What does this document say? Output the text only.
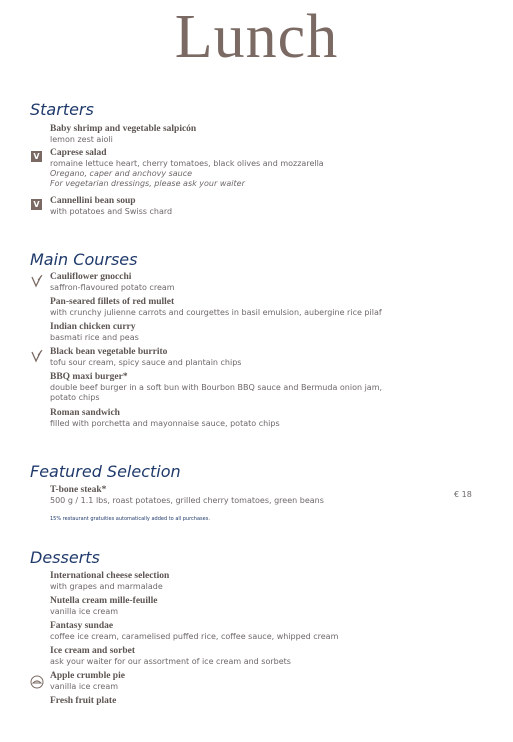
Lunch
Starters
Baby shrimp and vegetable salpicón
lemon zest aioli
V Caprese salad
romaine lettuce heart, cherry tomatoes, black olives and mozzarella
Oregano, caper and anchovy sauce
For vegetarian dressings, please ask your waiter
V Cannellini bean soup
with potatoes and Swiss chard
Main Courses
Cauliflower gnocchi
saffron-flavoured potato cream
Pan-seared fillets of red mullet
with crunchy julienne carrots and courgettes in basil emulsion, aubergine rice pilaf
Indian chicken curry
basmati rice and peas
Black bean vegetable burrito
tofu sour cream, spicy sauce and plantain chips
BBQ maxi burger*
double beef burger in a soft bun with Bourbon BBQ sauce and Bermuda onion jam,
potato chips
Roman sandwich
filled with porchetta and mayonnaise sauce, potato chips
Featured Selection
T-bone steak*
500 g / 1.1 lbs, roast potatoes, grilled cherry tomatoes, green beans
€ 18
15% restaurant gratuities automatically added to all purchases.
Desserts
International cheese selection
with grapes and marmalade
Nutella cream mille-feuille
vanilla ice cream
Fantasy sundae
coffee ice cream, caramelised puffed rice, coffee sauce, whipped cream
Ice cream and sorbet
ask your waiter for our assortment of ice cream and sorbets
Apple crumble pie
vanilla ice cream
Fresh fruit plate
